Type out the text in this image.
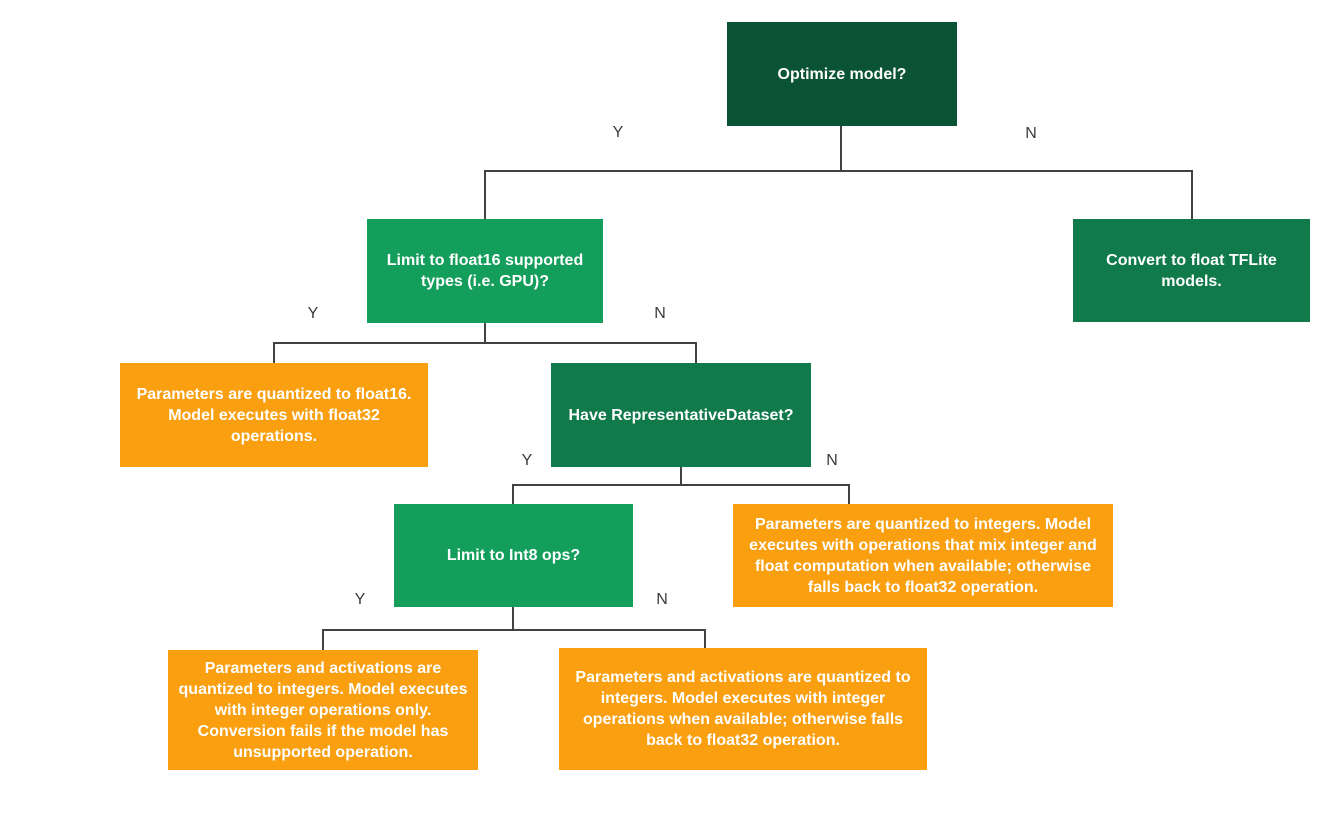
Optimize model?
Limit to float16 supported types (i.e. GPU)?
Convert to float TFLite models.
Parameters are quantized to float16. Model executes with float32 operations.
Have RepresentativeDataset?
Limit to Int8 ops?
Parameters are quantized to integers. Model executes with operations that mix integer and float computation when available; otherwise falls back to float32 operation.
Parameters and activations are quantized to integers. Model executes with integer operations only. Conversion fails if the model has unsupported operation.
Parameters and activations are quantized to integers. Model executes with integer operations when available; otherwise falls back to float32 operation.
Y	N
Y	N
Y	N
Y	N
